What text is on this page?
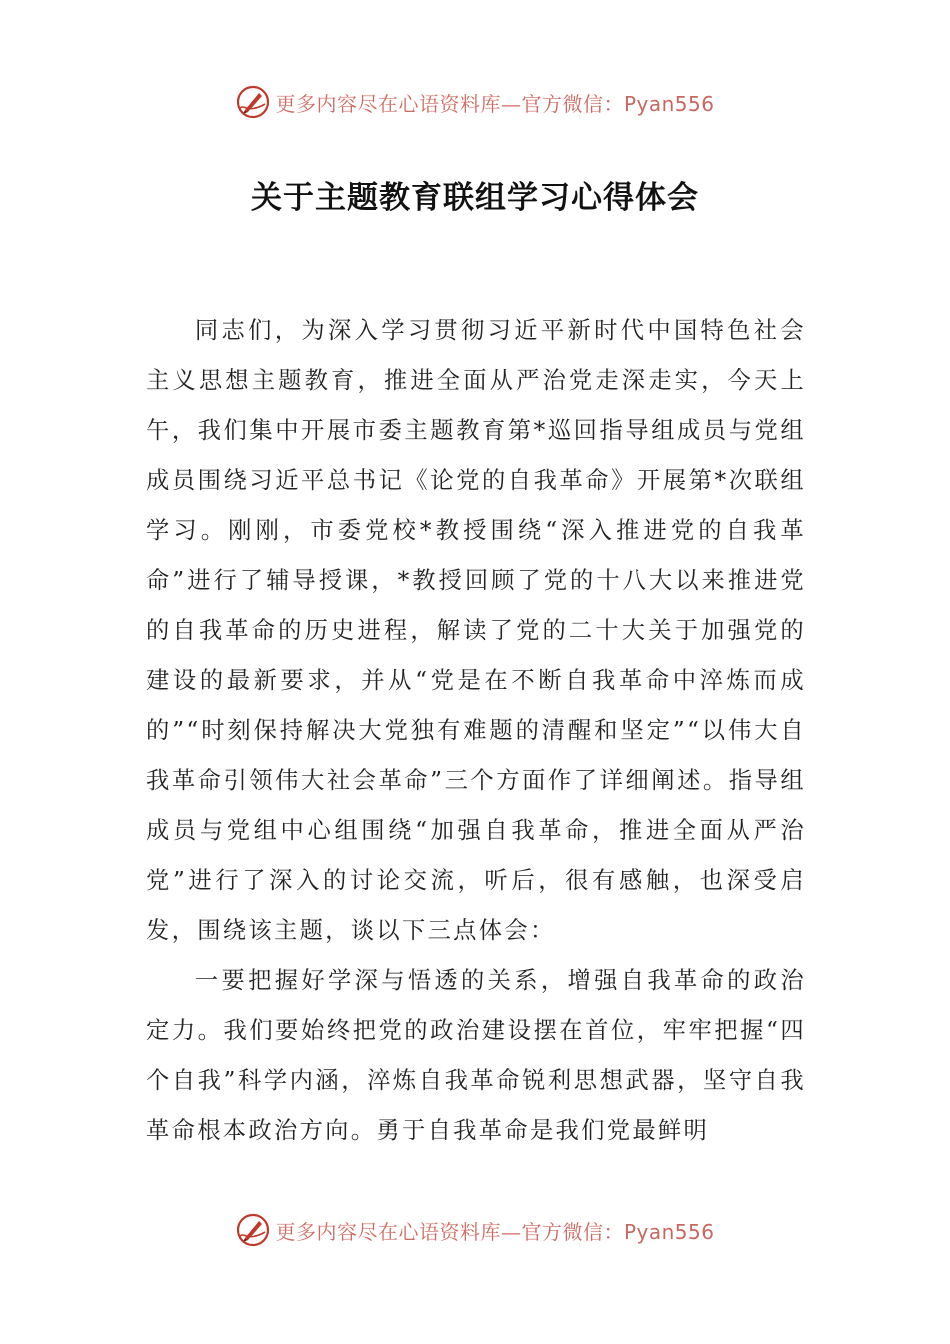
更多内容尽在心语资料库—官方微信：Pyan556
关于主题教育联组学习心得体会

同志们，为深入学习贯彻习近平新时代中国特色社会主义思想主题教育，推进全面从严治党走深走实，今天上午，我们集中开展市委主题教育第*巡回指导组成员与党组成员围绕习近平总书记《论党的自我革命》开展第*次联组学习。刚刚，市委党校*教授围绕“深入推进党的自我革命”进行了辅导授课，*教授回顾了党的十八大以来推进党的自我革命的历史进程，解读了党的二十大关于加强党的建设的最新要求，并从“党是在不断自我革命中淬炼而成的”“时刻保持解决大党独有难题的清醒和坚定”“以伟大自我革命引领伟大社会革命”三个方面作了详细阐述。指导组成员与党组中心组围绕“加强自我革命，推进全面从严治党”进行了深入的讨论交流，听后，很有感触，也深受启发，围绕该主题，谈以下三点体会：

一要把握好学深与悟透的关系，增强自我革命的政治定力。我们要始终把党的政治建设摆在首位，牢牢把握“四个自我”科学内涵，淬炼自我革命锐利思想武器，坚守自我革命根本政治方向。勇于自我革命是我们党最鲜明

更多内容尽在心语资料库—官方微信：Pyan556
